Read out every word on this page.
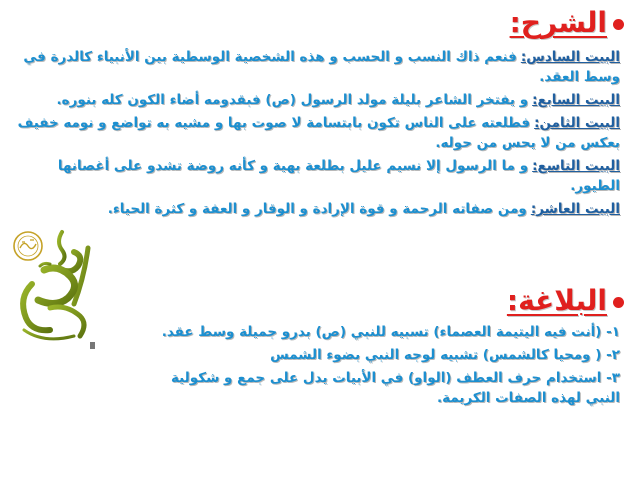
الشرح:
البيت السادس:فنعم ذاك النسب و الحسب و هذه الشخصية الوسطية بين الأنبياء كالدرة في وسط العقد.
البيت السابع:و يفتخر الشاعر بليلة مولد الرسول (ص) فبقدومه أضاء الكون كله بنوره.
البيت الثامن:فطلعته على الناس تكون بابتسامة لا صوت بها و مشيه به تواضع و نومه خفيف بعكس من لا يحس من حوله.
البيت التاسع:و ما الرسول إلا نسيم عليل بطلعة بهية و كأنه روضة تشدو على أغصانها الطيور.
البيت العاشر:ومن صفاته الرحمة و قوة الإرادة و الوقار و العفة و كثرة الحياء.
البلاغة:
١- (أنت فيه اليتيمة العصماء) تسبيه للنبي (ص) بدرو جميلة وسط عقد.
٢- ( ومحيا كالشمس) تشبيه لوجه النبي بضوء الشمس
٣- استخدام حرف العطف (الواو) في الأبيات يدل على جمع و شكولية النبي لهذه الصفات الكريمة.
